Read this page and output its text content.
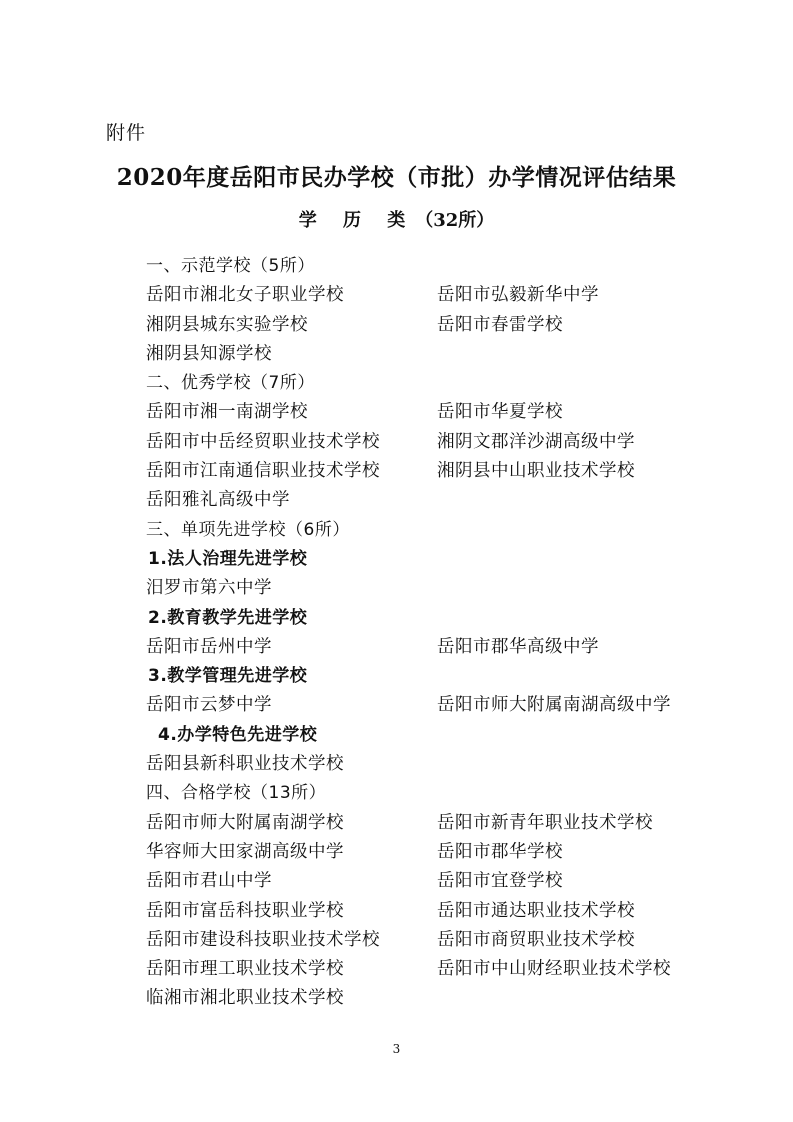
附件
2020年度岳阳市民办学校（市批）办学情况评估结果
学 历 类（32所）
一、示范学校（5所）
岳阳市湘北女子职业学校	岳阳市弘毅新华中学
湘阴县城东实验学校	岳阳市春雷学校
湘阴县知源学校
二、优秀学校（7所）
岳阳市湘一南湖学校	岳阳市华夏学校
岳阳市中岳经贸职业技术学校	湘阴文郡洋沙湖高级中学
岳阳市江南通信职业技术学校	湘阴县中山职业技术学校
岳阳雅礼高级中学
三、单项先进学校（6所）
1.法人治理先进学校
汨罗市第六中学
2.教育教学先进学校
岳阳市岳州中学	岳阳市郡华高级中学
3.教学管理先进学校
岳阳市云梦中学	岳阳市师大附属南湖高级中学
4.办学特色先进学校
岳阳县新科职业技术学校
四、合格学校（13所）
岳阳市师大附属南湖学校	岳阳市新青年职业技术学校
华容师大田家湖高级中学	岳阳市郡华学校
岳阳市君山中学	岳阳市宜登学校
岳阳市富岳科技职业学校	岳阳市通达职业技术学校
岳阳市建设科技职业技术学校	岳阳市商贸职业技术学校
岳阳市理工职业技术学校	岳阳市中山财经职业技术学校
临湘市湘北职业技术学校
3
